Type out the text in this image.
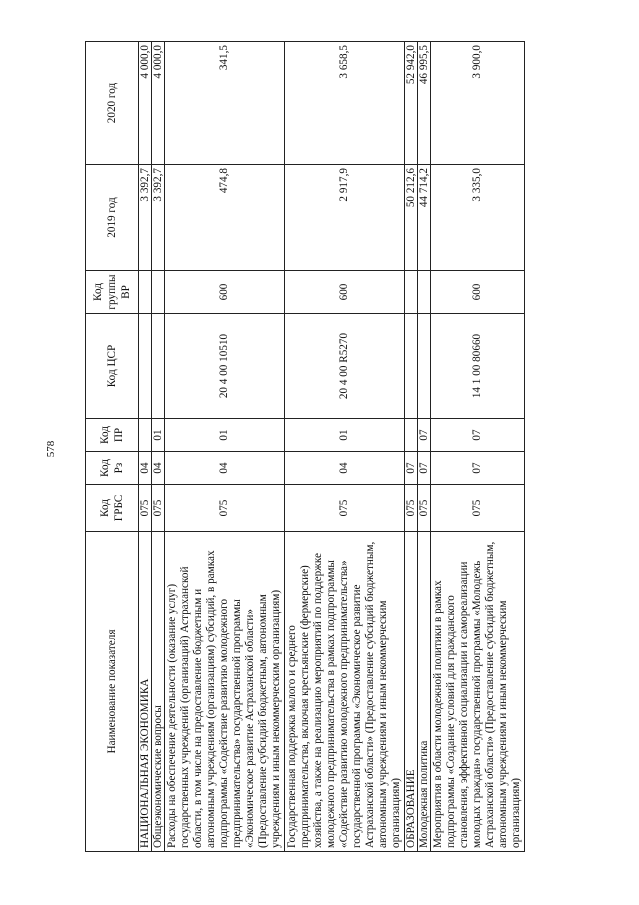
578
Наименование показателя	Код ГРБС	Код Рз	Код ПР	Код ЦСР	Код группы ВР	2019 год	2020 год
НАЦИОНАЛЬНАЯ ЭКОНОМИКА	075	04				3 392,7	4 000,0
Общеэкономические вопросы	075	04	01			3 392,7	4 000,0
Расходы на обеспечение деятельности (оказание услуг) государственных учреждений (организаций) Астраханской области, в том числе на предоставление бюджетным и автономным учреждениям (организациям) субсидий, в рамках подпрограммы «Содействие развитию молодежного предпринимательства» государственной программы «Экономическое развитие Астраханской области» (Предоставление субсидий бюджетным, автономным учреждениям и иным некоммерческим организациям)	075	04	01	20 4 00 10510	600	474,8	341,5
Государственная поддержка малого и среднего предпринимательства, включая крестьянские (фермерские) хозяйства, а также на реализацию мероприятий по поддержке молодежного предпринимательства в рамках подпрограммы «Содействие развитию молодежного предпринимательства» государственной программы «Экономическое развитие Астраханской области» (Предоставление субсидий бюджетным, автономным учреждениям и иным некоммерческим организациям)	075	04	01	20 4 00 R5270	600	2 917,9	3 658,5
ОБРАЗОВАНИЕ	075	07				50 212,6	52 942,0
Молодежная политика	075	07	07			44 714,2	46 995,5
Мероприятия в области молодежной политики в рамках подпрограммы «Создание условий для гражданского становления, эффективной социализации и самореализации молодых граждан» государственной программы «Молодежь Астраханской области» (Предоставление субсидий бюджетным, автономным учреждениям и иным некоммерческим организациям)	075	07	07	14 1 00 80660	600	3 335,0	3 900,0
